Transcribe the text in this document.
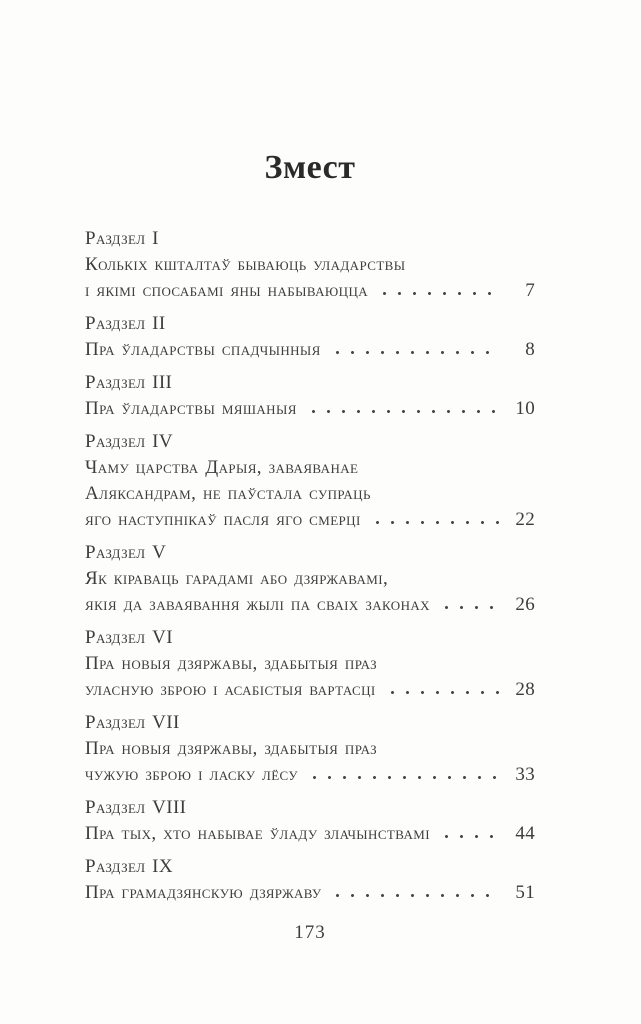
Змест
Раздзел I
Колькіх кшталтаў бываюць уладарствы
і якімі спосабамі яны набываюцца	7
Раздзел II
Пра ўладарствы спадчынныя	8
Раздзел III
Пра ўладарствы мяшаныя	10
Раздзел IV
Чаму царства Дарыя, заваяванае
Аляксандрам, не паўстала супраць
яго наступнікаў пасля яго смерці	22
Раздзел V
Як кіраваць гарадамі або дзяржавамі,
якія да заваявання жылі па сваіх законах	26
Раздзел VI
Пра новыя дзяржавы, здабытыя праз
уласную зброю і асабістыя вартасці	28
Раздзел VII
Пра новыя дзяржавы, здабытыя праз
чужую зброю і ласку лёсу	33
Раздзел VIII
Пра тых, хто набывае ўладу злачынствамі	44
Раздзел IX
Пра грамадзянскую дзяржаву	51
173
